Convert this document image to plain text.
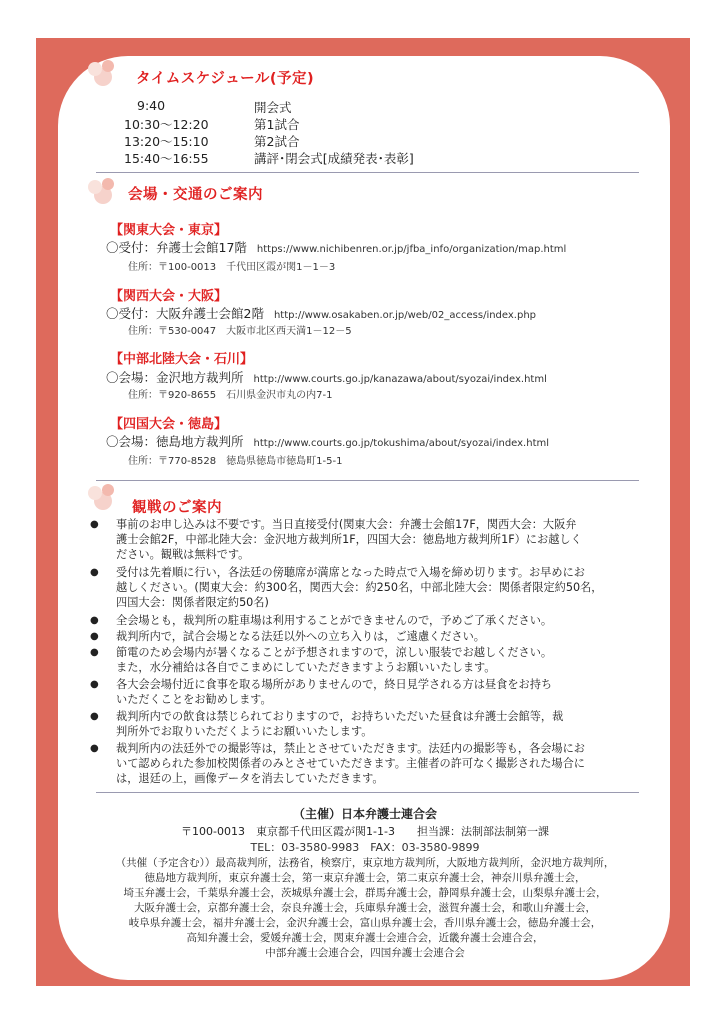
タイムスケジュール(予定)
9:40	開会式
10:30～12:20	第1試合
13:20～15:10	第2試合
15:40～16:55	講評･閉会式[成績発表･表彰]
会場・交通のご案内
【関東大会・東京】
〇受付：弁護士会館17階 https://www.nichibenren.or.jp/jfba_info/organization/map.html
住所：〒100-0013　千代田区霞が関1－1－3
【関西大会・大阪】
〇受付：大阪弁護士会館2階 http://www.osakaben.or.jp/web/02_access/index.php
住所：〒530-0047　大阪市北区西天満1－12－5
【中部北陸大会・石川】
〇会場：金沢地方裁判所 http://www.courts.go.jp/kanazawa/about/syozai/index.html
住所：〒920-8655　石川県金沢市丸の内7-1
【四国大会・徳島】
〇会場：徳島地方裁判所 http://www.courts.go.jp/tokushima/about/syozai/index.html
住所：〒770-8528　徳島県徳島市徳島町1-5-1
観戦のご案内
● 事前のお申し込みは不要です。当日直接受付(関東大会：弁護士会館17F，関西大会：大阪弁
護士会館2F，中部北陸大会：金沢地方裁判所1F，四国大会：徳島地方裁判所1F）にお越しく
ださい。観戦は無料です。
● 受付は先着順に行い，各法廷の傍聴席が満席となった時点で入場を締め切ります。お早めにお
越しください。(関東大会：約300名，関西大会：約250名，中部北陸大会：関係者限定約50名，
四国大会：関係者限定約50名)
● 全会場とも，裁判所の駐車場は利用することができませんので，予めご了承ください。
● 裁判所内で，試合会場となる法廷以外への立ち入りは，ご遠慮ください。
● 節電のため会場内が暑くなることが予想されますので，涼しい服装でお越しください。
また，水分補給は各自でこまめにしていただきますようお願いいたします。
● 各大会会場付近に食事を取る場所がありませんので，終日見学される方は昼食をお持ち
いただくことをお勧めします。
● 裁判所内での飲食は禁じられておりますので，お持ちいただいた昼食は弁護士会館等，裁
判所外でお取りいただくようにお願いいたします。
● 裁判所内の法廷外での撮影等は，禁止とさせていただきます。法廷内の撮影等も，各会場にお
いて認められた参加校関係者のみとさせていただきます。主催者の許可なく撮影された場合に
は，退廷の上，画像データを消去していただきます。
（主催）日本弁護士連合会
〒100-0013　東京都千代田区霞が関1-1-3　　担当課：法制部法制第一課
TEL：03-3580-9983　FAX：03-3580-9899
（共催（予定含む））最高裁判所，法務省，検察庁，東京地方裁判所，大阪地方裁判所，金沢地方裁判所，
徳島地方裁判所，東京弁護士会，第一東京弁護士会，第二東京弁護士会，神奈川県弁護士会，
埼玉弁護士会，千葉県弁護士会，茨城県弁護士会，群馬弁護士会，静岡県弁護士会，山梨県弁護士会，
大阪弁護士会，京都弁護士会，奈良弁護士会，兵庫県弁護士会，滋賀弁護士会，和歌山弁護士会，
岐阜県弁護士会，福井弁護士会，金沢弁護士会，富山県弁護士会，香川県弁護士会，徳島弁護士会，
高知弁護士会，愛媛弁護士会，関東弁護士会連合会，近畿弁護士会連合会，
中部弁護士会連合会，四国弁護士会連合会
